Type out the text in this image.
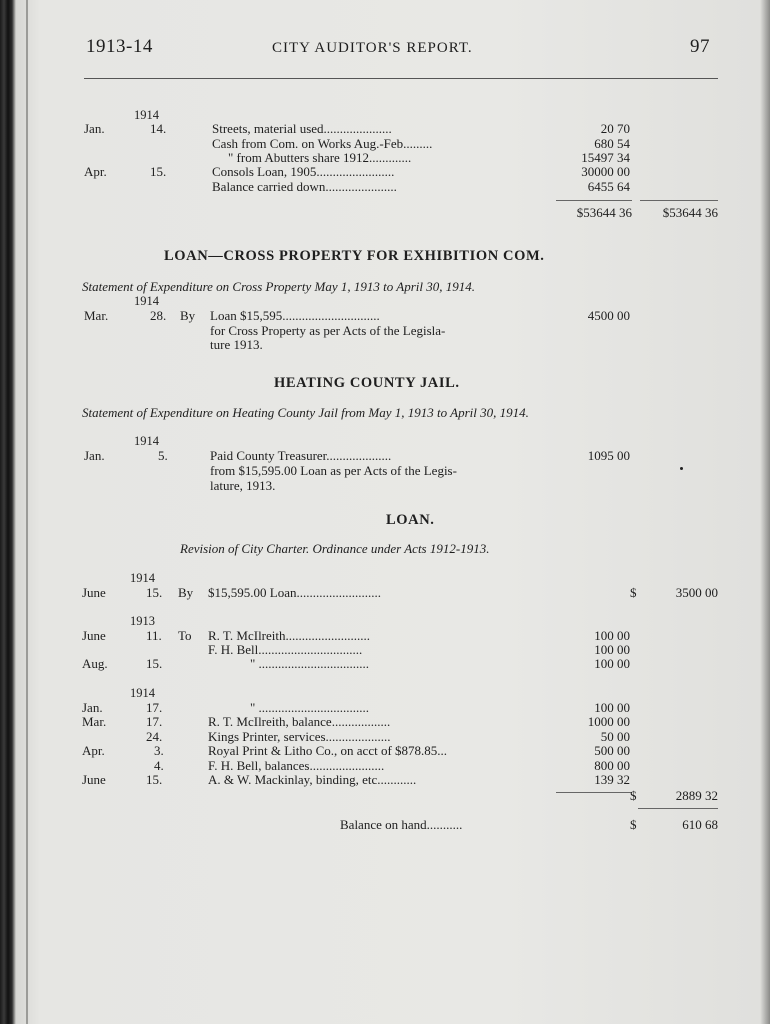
1913-14	CITY AUDITOR'S REPORT.	97
1914
Jan.	14.	Streets, material used.....................	20 70
Cash from Com. on Works Aug.-Feb.........	680 54
" from Abutters share 1912.............	15497 34
Apr.	15.	Consols Loan, 1905........................	30000 00
Balance carried down......................	6455 64
$53644 36	$53644 36
LOAN—CROSS PROPERTY FOR EXHIBITION COM.
Statement of Expenditure on Cross Property May 1, 1913 to April 30, 1914.
1914
Mar.	28. By Loan $15,595..............................	4500 00
for Cross Property as per Acts of the Legisla-
ture 1913.
HEATING COUNTY JAIL.
Statement of Expenditure on Heating County Jail from May 1, 1913 to April 30, 1914.
1914
Jan.	5.	Paid County Treasurer....................	1095 00
from $15,595.00 Loan as per Acts of the Legis-
lature, 1913.
LOAN.
Revision of City Charter. Ordinance under Acts 1912-1913.
1914
June	15. By $15,595.00 Loan..........................	$	3500 00
1913
June	11. To R. T. McIlreith..........................	100 00
F. H. Bell................................	100 00
Aug.	15.	" ..................................	100 00
1914
Jan.	17.	" ..................................	100 00
Mar.	17.	R. T. McIlreith, balance..................	1000 00
24.	Kings Printer, services....................	50 00
Apr.	3.	Royal Print & Litho Co., on acct of $878.85...	500 00
4.	F. H. Bell, balances.......................	800 00
June	15.	A. & W. Mackinlay, binding, etc............	139 32
$	2889 32
Balance on hand...........	$	610 68
